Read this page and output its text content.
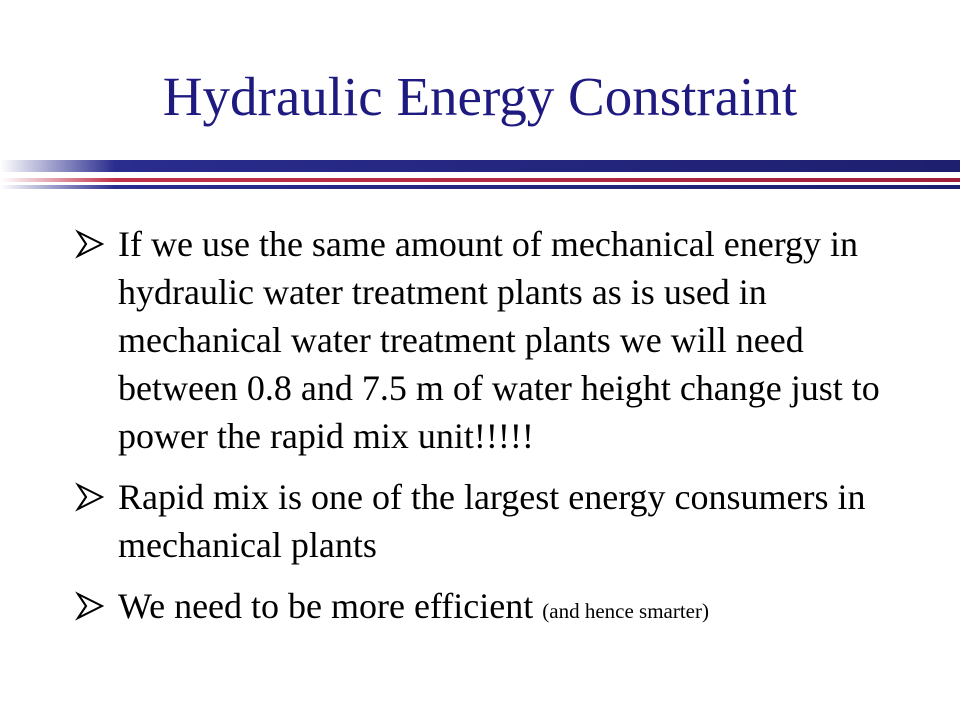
Hydraulic Energy Constraint
If we use the same amount of mechanical energy in hydraulic water treatment plants as is used in mechanical water treatment plants we will need between 0.8 and 7.5 m of water height change just to power the rapid mix unit!!!!!
Rapid mix is one of the largest energy consumers in mechanical plants
We need to be more efficient (and hence smarter)
